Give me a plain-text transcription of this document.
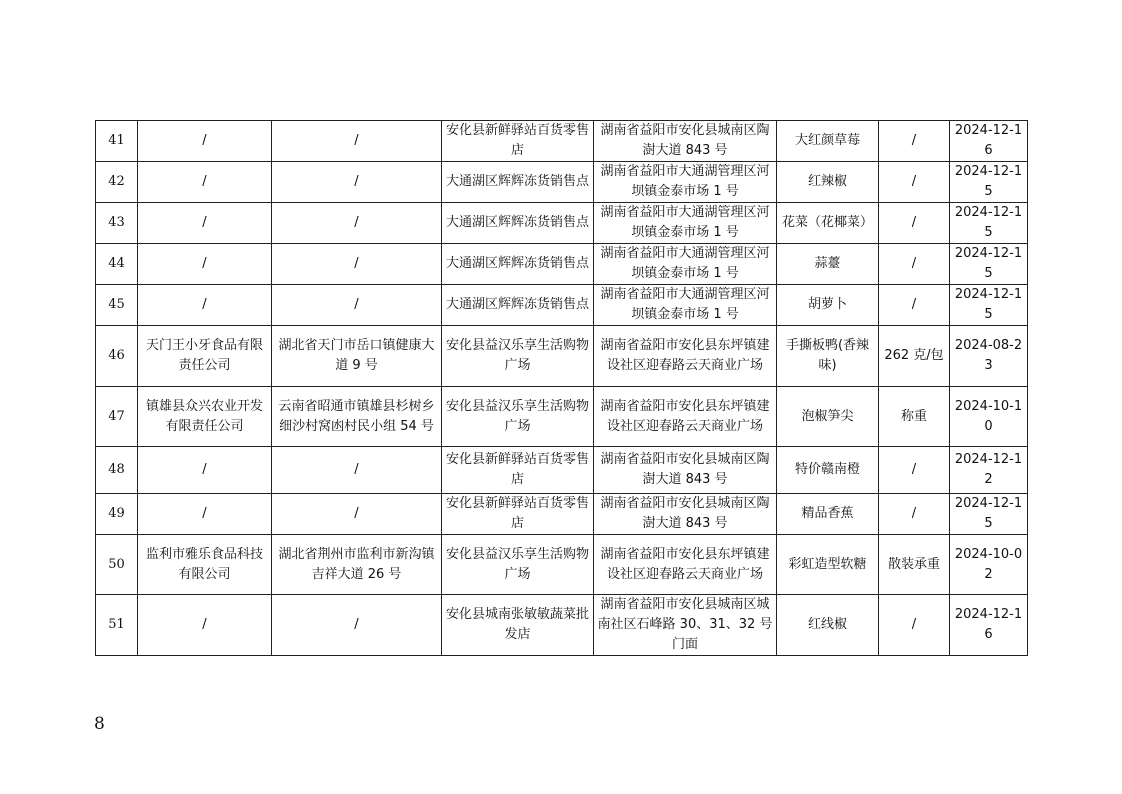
41	/	/	安化县新鲜驿站百货零售店	湖南省益阳市安化县城南区陶澍大道 843 号	大红颜草莓	/	2024-12-16
42	/	/	大通湖区辉辉冻货销售点	湖南省益阳市大通湖管理区河坝镇金泰市场 1 号	红辣椒	/	2024-12-15
43	/	/	大通湖区辉辉冻货销售点	湖南省益阳市大通湖管理区河坝镇金泰市场 1 号	花菜（花椰菜）	/	2024-12-15
44	/	/	大通湖区辉辉冻货销售点	湖南省益阳市大通湖管理区河坝镇金泰市场 1 号	蒜薹	/	2024-12-15
45	/	/	大通湖区辉辉冻货销售点	湖南省益阳市大通湖管理区河坝镇金泰市场 1 号	胡萝卜	/	2024-12-15
46	天门王小牙食品有限责任公司	湖北省天门市岳口镇健康大道 9 号	安化县益汉乐享生活购物广场	湖南省益阳市安化县东坪镇建设社区迎春路云天商业广场	手撕板鸭(香辣味)	262 克/包	2024-08-23
47	镇雄县众兴农业开发有限责任公司	云南省昭通市镇雄县杉树乡细沙村窝凼村民小组 54 号	安化县益汉乐享生活购物广场	湖南省益阳市安化县东坪镇建设社区迎春路云天商业广场	泡椒笋尖	称重	2024-10-10
48	/	/	安化县新鲜驿站百货零售店	湖南省益阳市安化县城南区陶澍大道 843 号	特价赣南橙	/	2024-12-12
49	/	/	安化县新鲜驿站百货零售店	湖南省益阳市安化县城南区陶澍大道 843 号	精品香蕉	/	2024-12-15
50	监利市雅乐食品科技有限公司	湖北省荆州市监利市新沟镇吉祥大道 26 号	安化县益汉乐享生活购物广场	湖南省益阳市安化县东坪镇建设社区迎春路云天商业广场	彩虹造型软糖	散装承重	2024-10-02
51	/	/	安化县城南张敏敏蔬菜批发店	湖南省益阳市安化县城南区城南社区石峰路 30、31、32 号门面	红线椒	/	2024-12-16
8
